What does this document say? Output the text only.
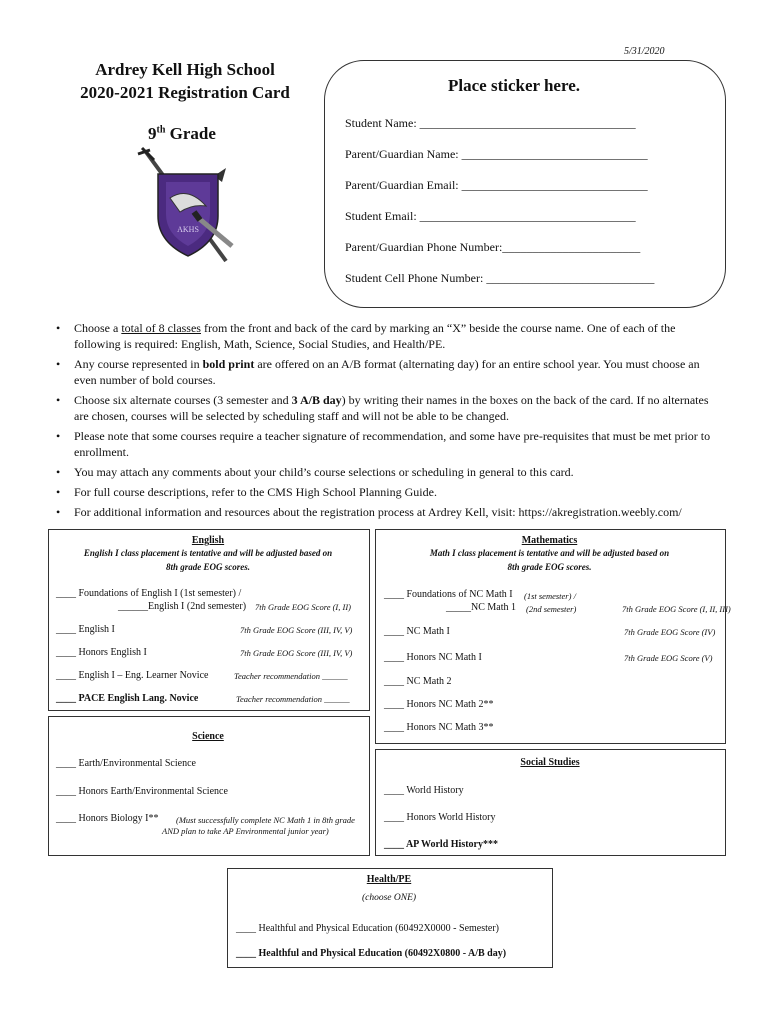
5/31/2020
Ardrey Kell High School
2020-2021 Registration Card
9th Grade
AKHS
Place sticker here.
Student Name: ____________________________________
Parent/Guardian Name: _______________________________
Parent/Guardian Email: _______________________________
Student Email: ____________________________________
Parent/Guardian Phone Number:_______________________
Student Cell Phone Number: ____________________________
• Choose a total of 8 classes from the front and back of the card by marking an “X” beside the course name. One of each of the following is required: English, Math, Science, Social Studies, and Health/PE.
• Any course represented in bold print are offered on an A/B format (alternating day) for an entire school year. You must choose an even number of bold courses.
• Choose six alternate courses (3 semester and 3 A/B day) by writing their names in the boxes on the back of the card. If no alternates are chosen, courses will be selected by scheduling staff and will not be able to be changed.
• Please note that some courses require a teacher signature of recommendation, and some have pre-requisites that must be met prior to enrollment.
• You may attach any comments about your child’s course selections or scheduling in general to this card.
• For full course descriptions, refer to the CMS High School Planning Guide.
• For additional information and resources about the registration process at Ardrey Kell, visit: https://akregistration.weebly.com/
English
English I class placement is tentative and will be adjusted based on
8th grade EOG scores.
____ Foundations of English I (1st semester) /
______English I (2nd semester) 7th Grade EOG Score (I, II)
____ English I	7th Grade EOG Score (III, IV, V)
____ Honors English I	7th Grade EOG Score (III, IV, V)
____ English I – Eng. Learner Novice	Teacher recommendation ______
____ PACE English Lang. Novice	Teacher recommendation ______
Mathematics
Math I class placement is tentative and will be adjusted based on
8th grade EOG scores.
____ Foundations of NC Math I (1st semester) /
_____NC Math 1 (2nd semester)	7th Grade EOG Score (I, II, III)
____ NC Math I	7th Grade EOG Score (IV)
____ Honors NC Math I	7th Grade EOG Score (V)
____ NC Math 2
____ Honors NC Math 2**
____ Honors NC Math 3**
Science
____ Earth/Environmental Science
____ Honors Earth/Environmental Science
____ Honors Biology I** (Must successfully complete NC Math 1 in 8th grade
AND plan to take AP Environmental junior year)
Social Studies
____ World History
____ Honors World History
____ AP World History***
Health/PE
(choose ONE)
____ Healthful and Physical Education (60492X0000 - Semester)
____ Healthful and Physical Education (60492X0800 - A/B day)
